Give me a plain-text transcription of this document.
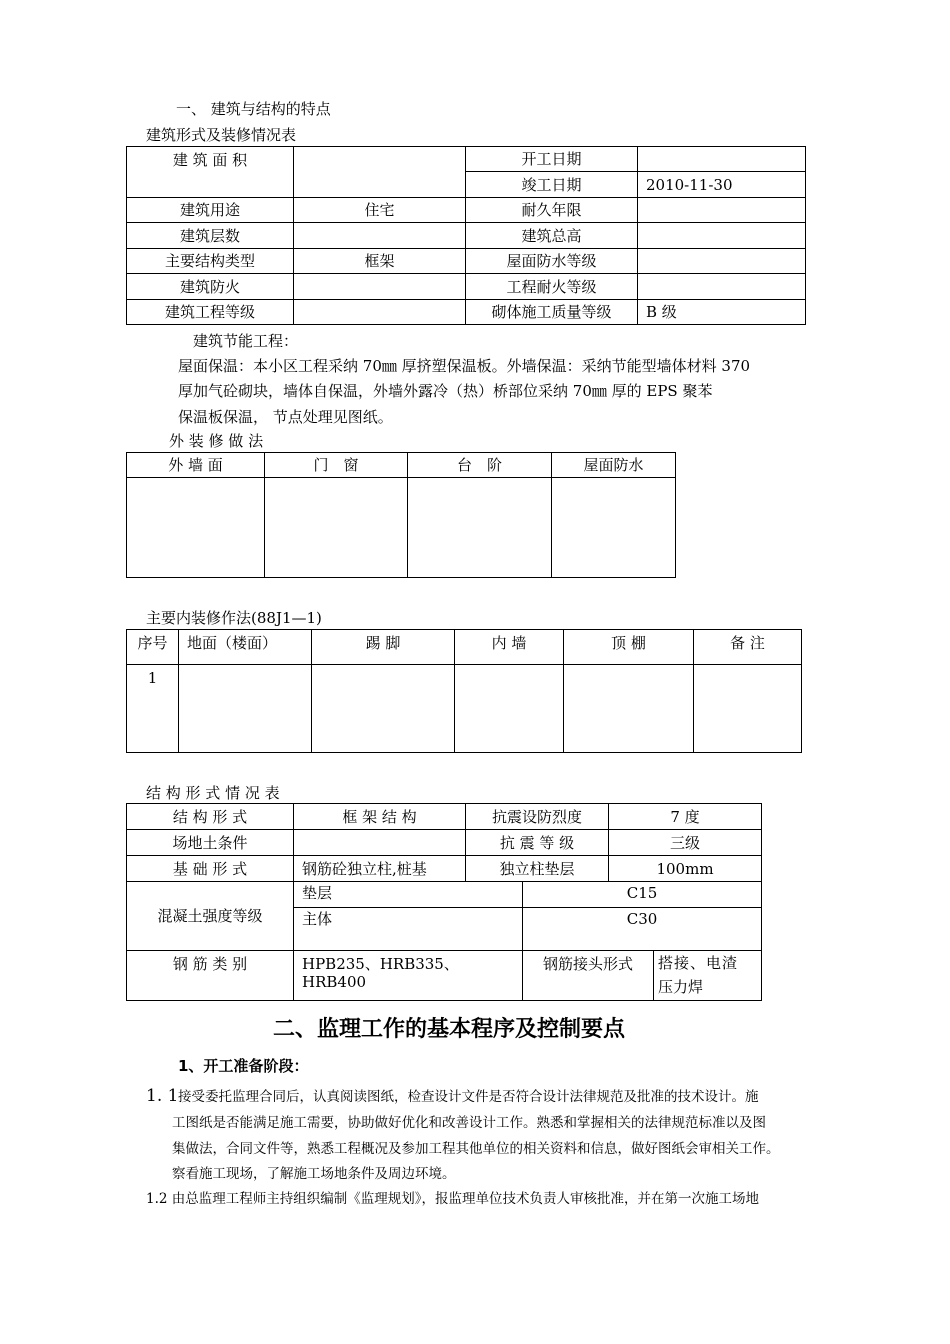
一、 建筑与结构的特点
建筑形式及装修情况表
建 筑 面 积		开工日期	
		竣工日期	2010-11-30
建筑用途	住宅	耐久年限	
建筑层数		建筑总高	
主要结构类型	框架	屋面防水等级	
建筑防火		工程耐火等级	
建筑工程等级		砌体施工质量等级	B 级
建筑节能工程：
屋面保温：本小区工程采纳 70㎜ 厚挤塑保温板。外墙保温：采纳节能型墙体材料 370
厚加气砼砌块，墙体自保温，外墙外露冷（热）桥部位采纳 70㎜ 厚的 EPS 聚苯
保温板保温， 节点处理见图纸。
外 装 修 做 法
外 墙 面	门　窗	台　阶	屋面防水

主要内装修作法(88J1—1)
序号	地面（楼面）	踢 脚	内 墙	顶 棚	备 注
1					
结 构 形 式 情 况 表
结 构 形 式	框 架 结 构	抗震设防烈度		7 度	
场地土条件		抗 震 等 级		三级	
基 础 形 式	钢筋砼独立柱,桩基	独立柱垫层		100mm	
混凝土强度等级	垫层		C15		
	主体		C30		
钢 筋 类 别	HPB235、HRB335、HRB400		钢筋接头形式		搭接、电渣
压力焊
二、监理工作的基本程序及控制要点
1、开工准备阶段：
1. 1 接受委托监理合同后，认真阅读图纸，检查设计文件是否符合设计法律规范及批准的技术设计。施
工图纸是否能满足施工需要，协助做好优化和改善设计工作。熟悉和掌握相关的法律规范标准以及图
集做法，合同文件等，熟悉工程概况及参加工程其他单位的相关资料和信息，做好图纸会审相关工作。
察看施工现场，了解施工场地条件及周边环境。
1.2 由总监理工程师主持组织编制《监理规划》，报监理单位技术负责人审核批准，并在第一次施工场地
